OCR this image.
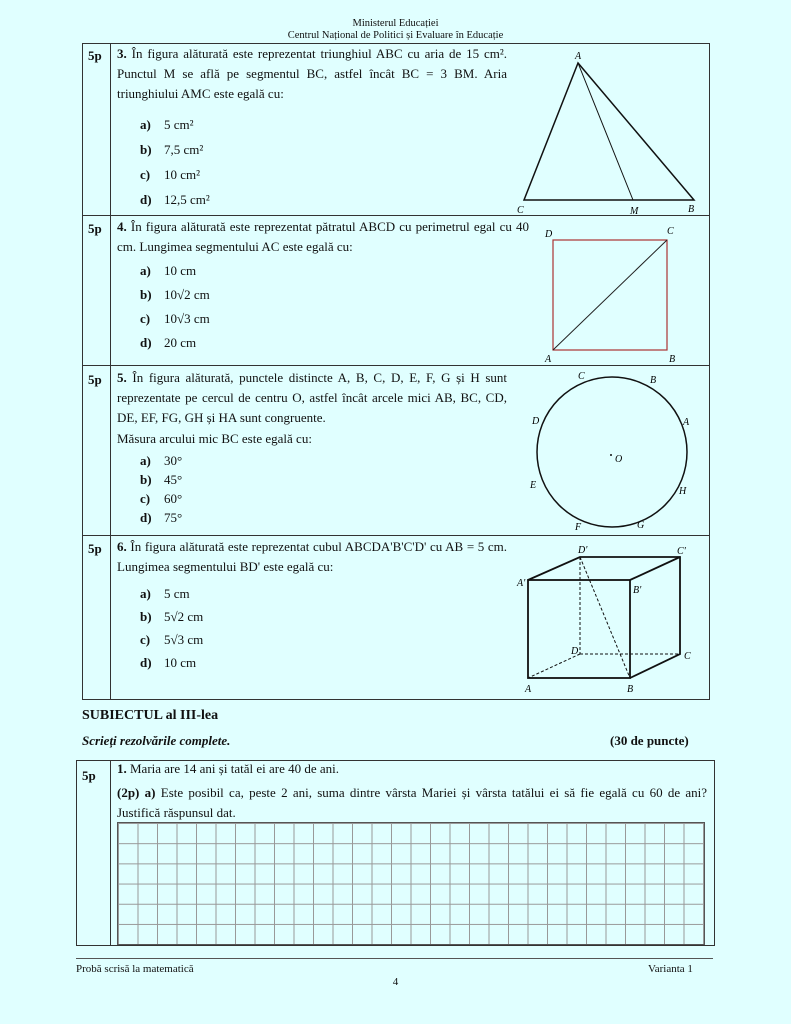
Ministerul Educației
Centrul Național de Politici și Evaluare în Educație
5p 3. În figura alăturată este reprezentat triunghiul ABC cu aria de 15 cm². Punctul M se află pe segmentul BC, astfel încât BC = 3 BM. Aria triunghiului AMC este egală cu:
a) 5 cm²
b) 7,5 cm²
c) 10 cm²
d) 12,5 cm²
A
C	M	B
D	C
A	B
O
C	B
A
H
G
F
E
D
D'	C'
A'
B'
D	C
A	B
5p 4. În figura alăturată este reprezentat pătratul ABCD cu perimetrul egal cu 40 cm. Lungimea segmentului AC este egală cu:
a) 10 cm
b) 10√2 cm
c) 10√3 cm
d) 20 cm
5p 5. În figura alăturată, punctele distincte A, B, C, D, E, F, G și H sunt reprezentate pe cercul de centru O, astfel încât arcele mici AB, BC, CD, DE, EF, FG, GH și HA sunt congruente.
Măsura arcului mic BC este egală cu:
a) 30°
b) 45°
c) 60°
d) 75°
5p 6. În figura alăturată este reprezentat cubul ABCDA'B'C'D' cu AB = 5 cm. Lungimea segmentului BD' este egală cu:
a) 5 cm
b) 5√2 cm
c) 5√3 cm
d) 10 cm
SUBIECTUL al III-lea
Scrieți rezolvările complete.	(30 de puncte)
5p 1. Maria are 14 ani și tatăl ei are 40 de ani.
(2p) a) Este posibil ca, peste 2 ani, suma dintre vârsta Mariei și vârsta tatălui ei să fie egală cu 60 de ani? Justifică răspunsul dat.
Probă scrisă la matematică	Varianta 1
4
